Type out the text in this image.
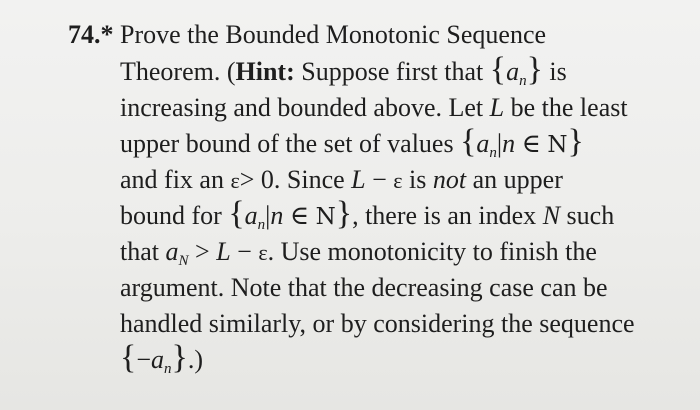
74.* Prove the Bounded Monotonic Sequence
Theorem. (Hint: Suppose first that $\{a_n\}$ is
increasing and bounded above. Let L be the least
upper bound of the set of values {$a_n|n$ ∈ N}
and fix an ε> 0. Since L − ε is not an upper
bound for {$a_n|n$ ∈ N}, there is an index N such
that $a_N > L - \varepsilon$. Use monotonicity to finish the
argument. Note that the decreasing case can be
handled similarly, or by considering the sequence
$\{-a_n\}$.)
